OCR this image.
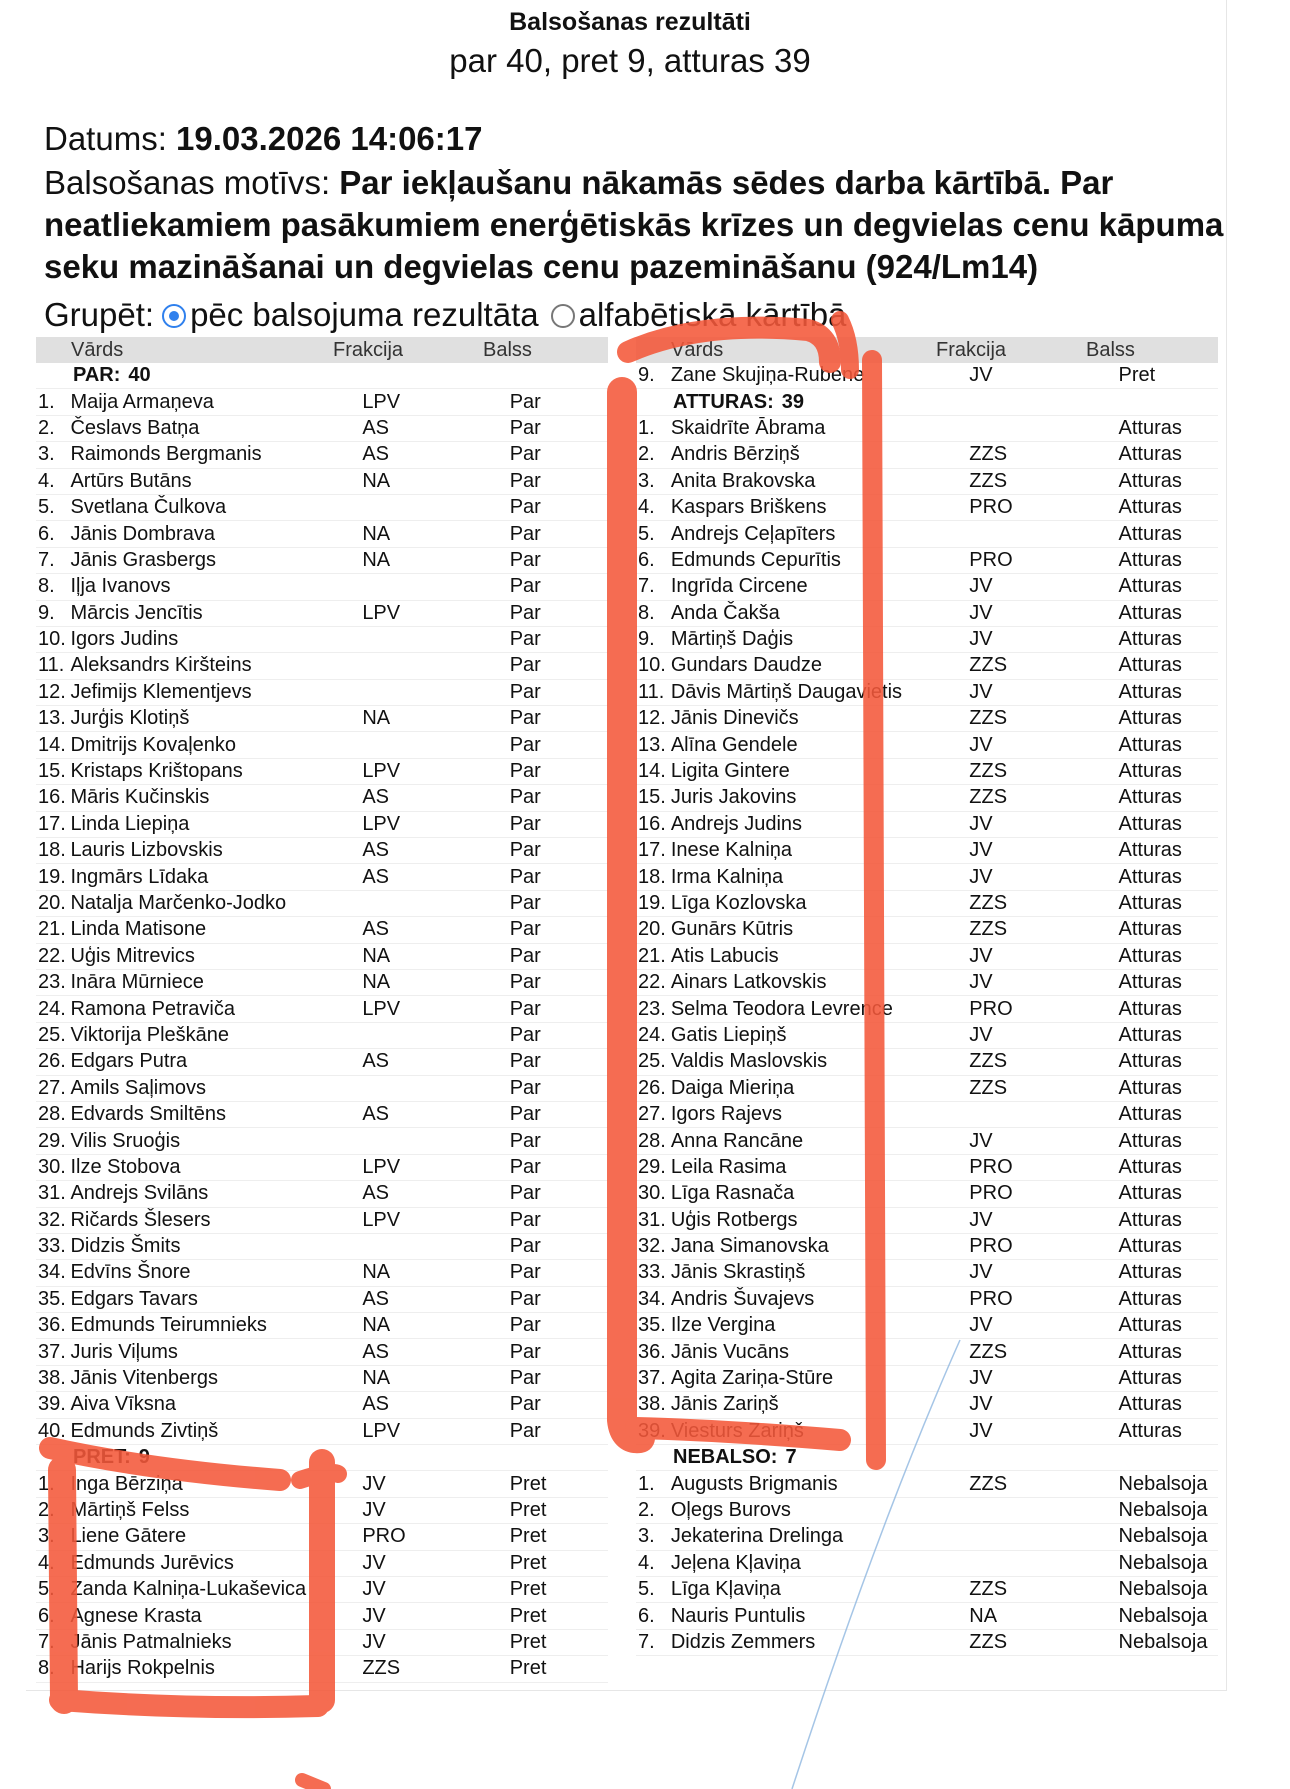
Balsošanas rezultāti
par 40, pret 9, atturas 39
Datums: 19.03.2026 14:06:17
Balsošanas motīvs: Par iekļaušanu nākamās sēdes darba kārtībā. Par neatliekamiem pasākumiem enerģētiskās krīzes un degvielas cenu kāpuma seku mazināšanai un degvielas cenu pazemināšanu (924/Lm14)
Grupēt: pēc balsojuma rezultāta alfabētiskā kārtībā
Vārds	Frakcija	Balss
PAR: 40
1. Maija Armaņeva	LPV	Par
2. Česlavs Batņa	AS	Par
3. Raimonds Bergmanis	AS	Par
4. Artūrs Butāns	NA	Par
5. Svetlana Čulkova	Par
6. Jānis Dombrava	NA	Par
7. Jānis Grasbergs	NA	Par
8. Iļja Ivanovs	Par
9. Mārcis Jencītis	LPV	Par
10. Igors Judins	Par
11. Aleksandrs Kiršteins	Par
12. Jefimijs Klementjevs	Par
13. Jurģis Klotiņš	NA	Par
14. Dmitrijs Kovaļenko	Par
15. Kristaps Krištopans	LPV	Par
16. Māris Kučinskis	AS	Par
17. Linda Liepiņa	LPV	Par
18. Lauris Lizbovskis	AS	Par
19. Ingmārs Līdaka	AS	Par
20. Natalja Marčenko-Jodko	Par
21. Linda Matisone	AS	Par
22. Uģis Mitrevics	NA	Par
23. Ināra Mūrniece	NA	Par
24. Ramona Petraviča	LPV	Par
25. Viktorija Pleškāne	Par
26. Edgars Putra	AS	Par
27. Amils Saļimovs	Par
28. Edvards Smiltēns	AS	Par
29. Vilis Sruoģis	Par
30. Ilze Stobova	LPV	Par
31. Andrejs Svilāns	AS	Par
32. Ričards Šlesers	LPV	Par
33. Didzis Šmits	Par
34. Edvīns Šnore	NA	Par
35. Edgars Tavars	AS	Par
36. Edmunds Teirumnieks	NA	Par
37. Juris Viļums	AS	Par
38. Jānis Vitenbergs	NA	Par
39. Aiva Vīksna	AS	Par
40. Edmunds Zivtiņš	LPV	Par
PRET: 9
1. Inga Bērziņa	JV	Pret
2. Mārtiņš Felss	JV	Pret
3. Liene Gātere	PRO	Pret
4. Edmunds Jurēvics	JV	Pret
5. Zanda Kalniņa-Lukaševica	JV	Pret
6. Agnese Krasta	JV	Pret
7. Jānis Patmalnieks	JV	Pret
8. Harijs Rokpelnis	ZZS	Pret
Vārds	Frakcija	Balss
9. Zane Skujiņa-Rubene	JV	Pret
ATTURAS: 39
1. Skaidrīte Ābrama	Atturas
2. Andris Bērziņš	ZZS	Atturas
3. Anita Brakovska	ZZS	Atturas
4. Kaspars Briškens	PRO	Atturas
5. Andrejs Ceļapīters	Atturas
6. Edmunds Cepurītis	PRO	Atturas
7. Ingrīda Circene	JV	Atturas
8. Anda Čakša	JV	Atturas
9. Mārtiņš Daģis	JV	Atturas
10. Gundars Daudze	ZZS	Atturas
11. Dāvis Mārtiņš Daugavietis	JV	Atturas
12. Jānis Dinevičs	ZZS	Atturas
13. Alīna Gendele	JV	Atturas
14. Ligita Gintere	ZZS	Atturas
15. Juris Jakovins	ZZS	Atturas
16. Andrejs Judins	JV	Atturas
17. Inese Kalniņa	JV	Atturas
18. Irma Kalniņa	JV	Atturas
19. Līga Kozlovska	ZZS	Atturas
20. Gunārs Kūtris	ZZS	Atturas
21. Atis Labucis	JV	Atturas
22. Ainars Latkovskis	JV	Atturas
23. Selma Teodora Levrence	PRO	Atturas
24. Gatis Liepiņš	JV	Atturas
25. Valdis Maslovskis	ZZS	Atturas
26. Daiga Mieriņa	ZZS	Atturas
27. Igors Rajevs	Atturas
28. Anna Rancāne	JV	Atturas
29. Leila Rasima	PRO	Atturas
30. Līga Rasnača	PRO	Atturas
31. Uģis Rotbergs	JV	Atturas
32. Jana Simanovska	PRO	Atturas
33. Jānis Skrastiņš	JV	Atturas
34. Andris Šuvajevs	PRO	Atturas
35. Ilze Vergina	JV	Atturas
36. Jānis Vucāns	ZZS	Atturas
37. Agita Zariņa-Stūre	JV	Atturas
38. Jānis Zariņš	JV	Atturas
39. Viesturs Zariņš	JV	Atturas
NEBALSO: 7
1. Augusts Brigmanis	ZZS	Nebalsoja
2. Oļegs Burovs	Nebalsoja
3. Jekaterina Drelinga	Nebalsoja
4. Jeļena Kļaviņa	Nebalsoja
5. Līga Kļaviņa	ZZS	Nebalsoja
6. Nauris Puntulis	NA	Nebalsoja
7. Didzis Zemmers	ZZS	Nebalsoja
